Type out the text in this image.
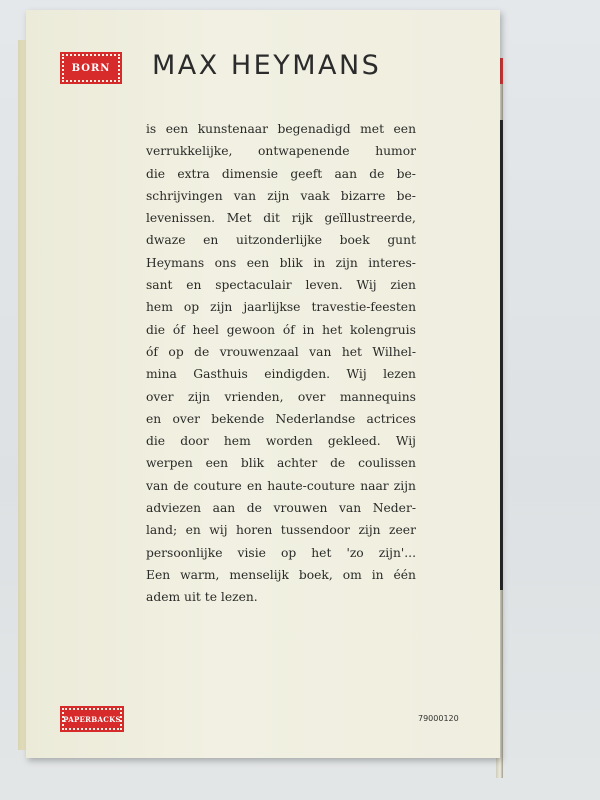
BORN MAX HEYMANS
is een kunstenaar begenadigd met een
verrukkelijke, ontwapenende humor
die extra dimensie geeft aan de be-
schrijvingen van zijn vaak bizarre be-
levenissen. Met dit rijk geïllustreerde,
dwaze en uitzonderlijke boek gunt
Heymans ons een blik in zijn interes-
sant en spectaculair leven. Wij zien
hem op zijn jaarlijkse travestie-feesten
die óf heel gewoon óf in het kolengruis
óf op de vrouwenzaal van het Wilhel-
mina Gasthuis eindigden. Wij lezen
over zijn vrienden, over mannequins
en over bekende Nederlandse actrices
die door hem worden gekleed. Wij
werpen een blik achter de coulissen
van de couture en haute-couture naar zijn
adviezen aan de vrouwen van Neder-
land; en wij horen tussendoor zijn zeer
persoonlijke visie op het 'zo zijn'...
Een warm, menselijk boek, om in één
adem uit te lezen.
PAPERBACKS	79000120
